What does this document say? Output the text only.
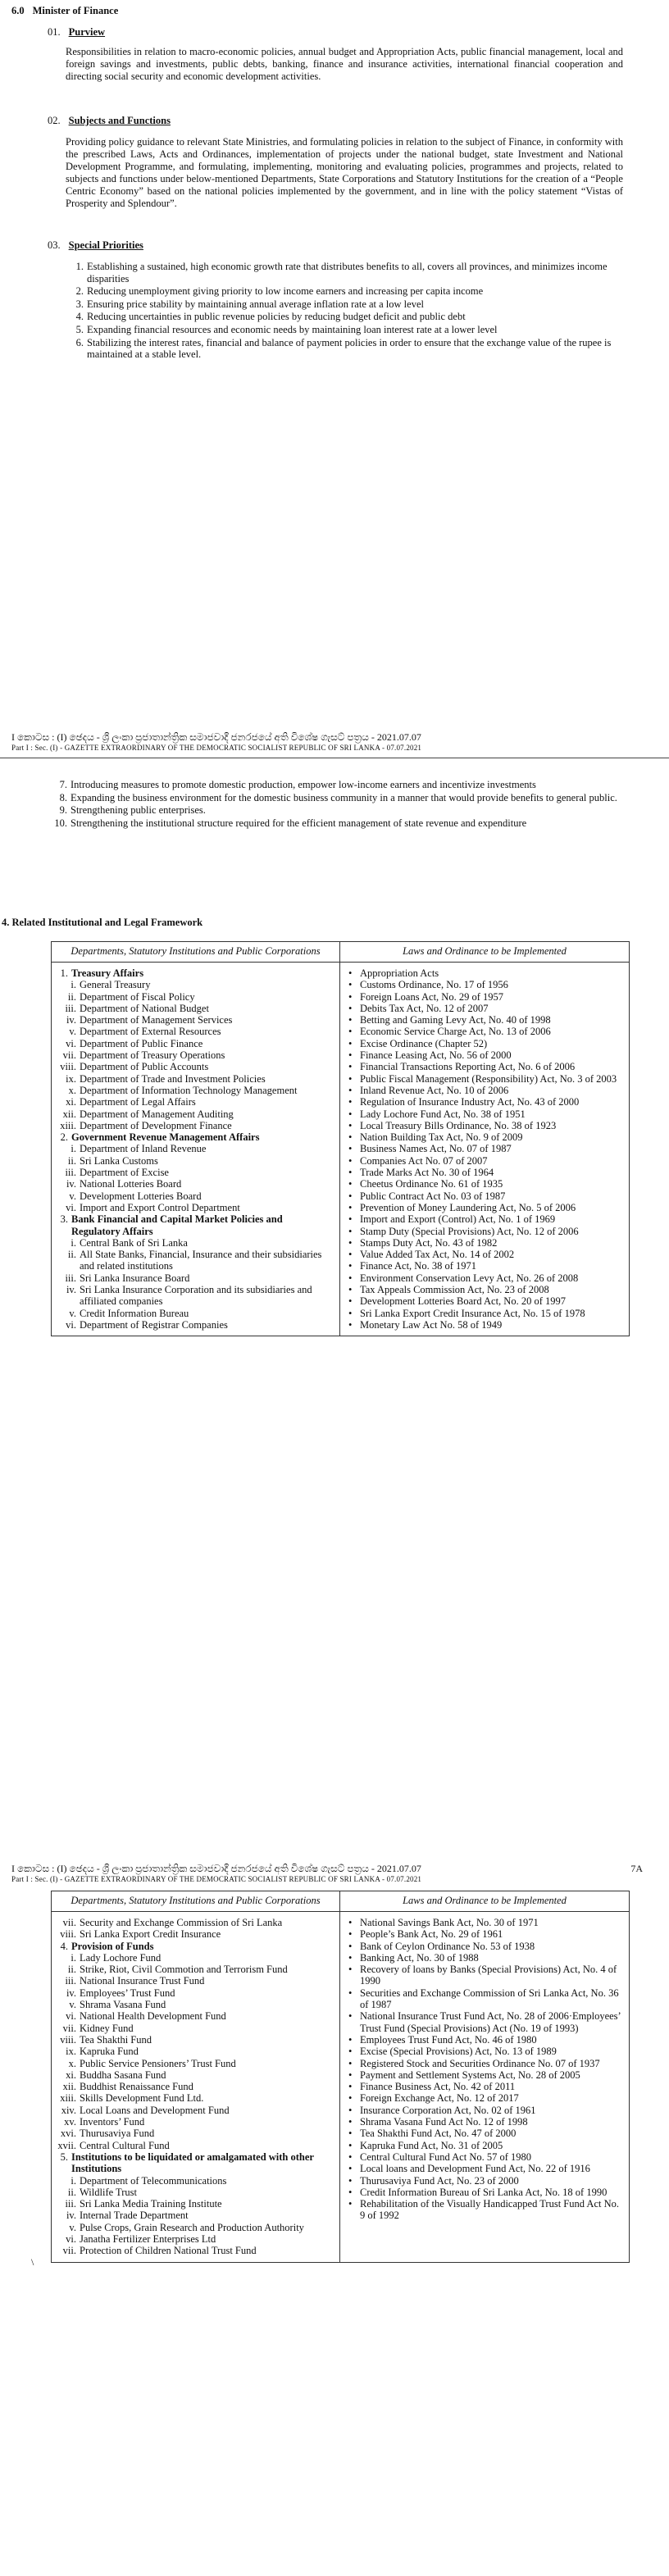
6.0 Minister of Finance
01. Purview
Responsibilities in relation to macro-economic policies, annual budget and Appropriation Acts, public financial management, local and foreign savings and investments, public debts, banking, finance and insurance activities, international financial cooperation and directing social security and economic development activities.
02. Subjects and Functions
Providing policy guidance to relevant State Ministries, and formulating policies in relation to the subject of Finance, in conformity with the prescribed Laws, Acts and Ordinances, implementation of projects under the national budget, state Investment and National Development Programme, and formulating, implementing, monitoring and evaluating policies, programmes and projects, related to subjects and functions under below-mentioned Departments, State Corporations and Statutory Institutions for the creation of a “People Centric Economy” based on the national policies implemented by the government, and in line with the policy statement “Vistas of Prosperity and Splendour”.
03. Special Priorities
1. Establishing a sustained, high economic growth rate that distributes benefits to all, covers all provinces, and minimizes income disparities
2. Reducing unemployment giving priority to low income earners and increasing per capita income
3. Ensuring price stability by maintaining annual average inflation rate at a low level
4. Reducing uncertainties in public revenue policies by reducing budget deficit and public debt
5. Expanding financial resources and economic needs by maintaining loan interest rate at a lower level
6. Stabilizing the interest rates, financial and balance of payment policies in order to ensure that the exchange value of the rupee is maintained at a stable level.
I කොටස : (I) ඡෙදය - ශ්‍රී ලංකා ප්‍රජාතාන්ත්‍රික සමාජවාදී ජනරජයේ අති විශේෂ ගැසට් පත්‍රය - 2021.07.07
Part I : Sec. (I) - GAZETTE EXTRAORDINARY OF THE DEMOCRATIC SOCIALIST REPUBLIC OF SRI LANKA - 07.07.2021
7. Introducing measures to promote domestic production, empower low-income earners and incentivize investments
8. Expanding the business environment for the domestic business community in a manner that would provide benefits to general public.
9. Strengthening public enterprises.
10. Strengthening the institutional structure required for the efficient management of state revenue and expenditure
4. Related Institutional and Legal Framework
Departments, Statutory Institutions and Public Corporations	Laws and Ordinance to be Implemented
1. Treasury Affairs
i. General Treasury
ii. Department of Fiscal Policy
iii. Department of National Budget
iv. Department of Management Services
v. Department of External Resources
vi. Department of Public Finance
vii. Department of Treasury Operations
viii. Department of Public Accounts
ix. Department of Trade and Investment Policies
x. Department of Information Technology Management
xi. Department of Legal Affairs
xii. Department of Management Auditing
xiii. Department of Development Finance
2. Government Revenue Management Affairs
i. Department of Inland Revenue
ii. Sri Lanka Customs
iii. Department of Excise
iv. National Lotteries Board
v. Development Lotteries Board
vi. Import and Export Control Department
3. Bank Financial and Capital Market Policies and Regulatory Affairs
i. Central Bank of Sri Lanka
ii. All State Banks, Financial, Insurance and their subsidiaries and related institutions
iii. Sri Lanka Insurance Board
iv. Sri Lanka Insurance Corporation and its subsidiaries and affiliated companies
v. Credit Information Bureau
vi. Department of Registrar Companies
• Appropriation Acts
• Customs Ordinance, No. 17 of 1956
• Foreign Loans Act, No. 29 of 1957
• Debits Tax Act, No. 12 of 2007
• Betting and Gaming Levy Act, No. 40 of 1998
• Economic Service Charge Act, No. 13 of 2006
• Excise Ordinance (Chapter 52)
• Finance Leasing Act, No. 56 of 2000
• Financial Transactions Reporting Act, No. 6 of 2006
• Public Fiscal Management (Responsibility) Act, No. 3 of 2003
• Inland Revenue Act, No. 10 of 2006
• Regulation of Insurance Industry Act, No. 43 of 2000
• Lady Lochore Fund Act, No. 38 of 1951
• Local Treasury Bills Ordinance, No. 38 of 1923
• Nation Building Tax Act, No. 9 of 2009
• Business Names Act, No. 07 of 1987
• Companies Act No. 07 of 2007
• Trade Marks Act No. 30 of 1964
• Cheetus Ordinance No. 61 of 1935
• Public Contract Act No. 03 of 1987
• Prevention of Money Laundering Act, No. 5 of 2006
• Import and Export (Control) Act, No. 1 of 1969
• Stamp Duty (Special Provisions) Act, No. 12 of 2006
• Stamps Duty Act, No. 43 of 1982
• Value Added Tax Act, No. 14 of 2002
• Finance Act, No. 38 of 1971
• Environment Conservation Levy Act, No. 26 of 2008
• Tax Appeals Commission Act, No. 23 of 2008
• Development Lotteries Board Act, No. 20 of 1997
• Sri Lanka Export Credit Insurance Act, No. 15 of 1978
• Monetary Law Act No. 58 of 1949
I කොටස : (I) ඡෙදය - ශ්‍රී ලංකා ප්‍රජාතාන්ත්‍රික සමාජවාදී ජනරජයේ අති විශේෂ ගැසට් පත්‍රය - 2021.07.07
Part I : Sec. (I) - GAZETTE EXTRAORDINARY OF THE DEMOCRATIC SOCIALIST REPUBLIC OF SRI LANKA - 07.07.2021
7A
\
Departments, Statutory Institutions and Public Corporations	Laws and Ordinance to be Implemented
vii. Security and Exchange Commission of Sri Lanka
viii. Sri Lanka Export Credit Insurance
4. Provision of Funds
i. Lady Lochore Fund
ii. Strike, Riot, Civil Commotion and Terrorism Fund
iii. National Insurance Trust Fund
iv. Employees’ Trust Fund
v. Shrama Vasana Fund
vi. National Health Development Fund
vii. Kidney Fund
viii. Tea Shakthi Fund
ix. Kapruka Fund
x. Public Service Pensioners’ Trust Fund
xi. Buddha Sasana Fund
xii. Buddhist Renaissance Fund
xiii. Skills Development Fund Ltd.
xiv. Local Loans and Development Fund
xv. Inventors’ Fund
xvi. Thurusaviya Fund
xvii. Central Cultural Fund
5. Institutions to be liquidated or amalgamated with other Institutions
i. Department of Telecommunications
ii. Wildlife Trust
iii. Sri Lanka Media Training Institute
iv. Internal Trade Department
v. Pulse Crops, Grain Research and Production Authority
vi. Janatha Fertilizer Enterprises Ltd
vii. Protection of Children National Trust Fund
• National Savings Bank Act, No. 30 of 1971
• People’s Bank Act, No. 29 of 1961
• Bank of Ceylon Ordinance No. 53 of 1938
• Banking Act, No. 30 of 1988
• Recovery of loans by Banks (Special Provisions) Act, No. 4 of 1990
• Securities and Exchange Commission of Sri Lanka Act, No. 36 of 1987
• National Insurance Trust Fund Act, No. 28 of 2006·Employees’ Trust Fund (Special Provisions) Act (No. 19 of 1993)
• Employees Trust Fund Act, No. 46 of 1980
• Excise (Special Provisions) Act, No. 13 of 1989
• Registered Stock and Securities Ordinance No. 07 of 1937
• Payment and Settlement Systems Act, No. 28 of 2005
• Finance Business Act, No. 42 of 2011
• Foreign Exchange Act, No. 12 of 2017
• Insurance Corporation Act, No. 02 of 1961
• Shrama Vasana Fund Act No. 12 of 1998
• Tea Shakthi Fund Act, No. 47 of 2000
• Kapruka Fund Act, No. 31 of 2005
• Central Cultural Fund Act No. 57 of 1980
• Local loans and Development Fund Act, No. 22 of 1916
• Thurusaviya Fund Act, No. 23 of 2000
• Credit Information Bureau of Sri Lanka Act, No. 18 of 1990
• Rehabilitation of the Visually Handicapped Trust Fund Act No. 9 of 1992
